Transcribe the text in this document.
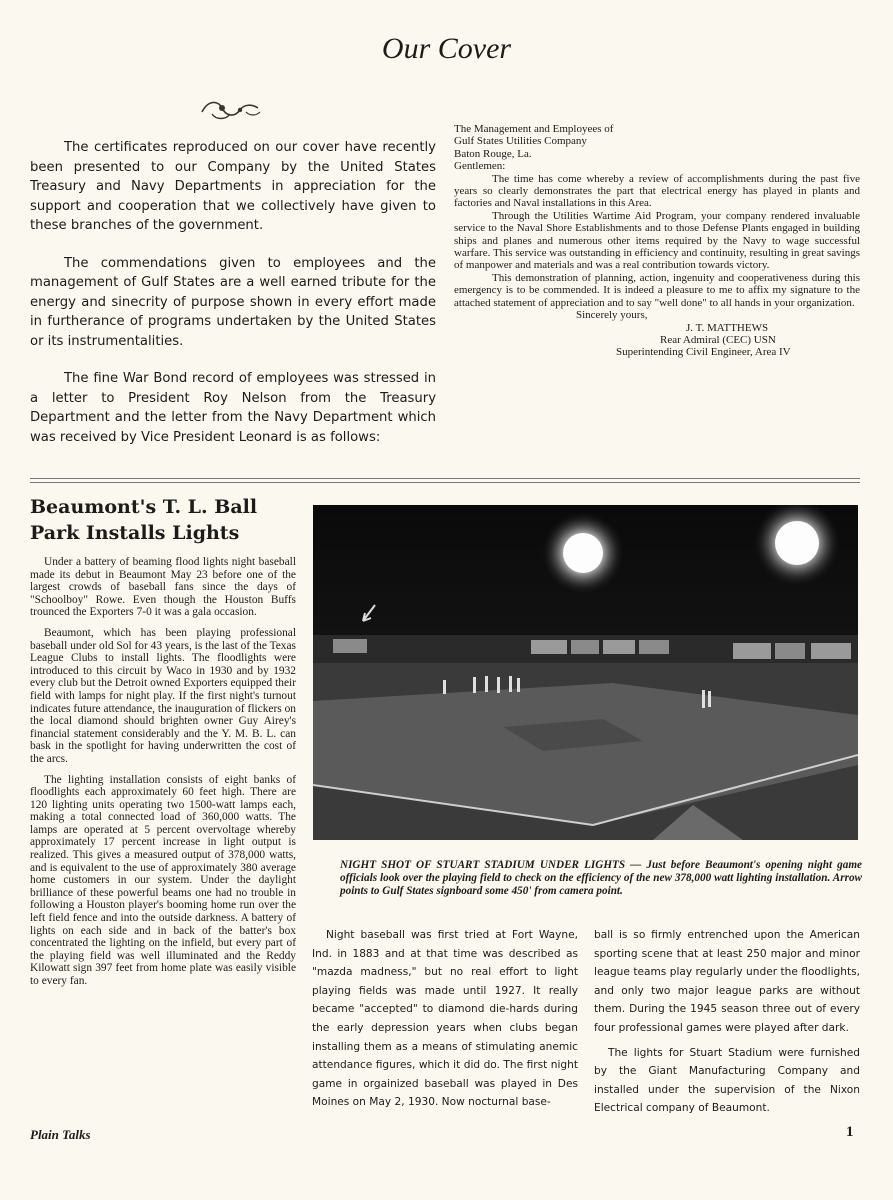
Our Cover

The certificates reproduced on our cover have recently been presented to our Company by the United States Treasury and Navy Departments in appreciation for the support and cooperation that we collectively have given to these branches of the government.

The commendations given to employees and the management of Gulf States are a well earned tribute for the energy and sinecrity of purpose shown in every effort made in furtherance of programs undertaken by the United States or its instrumentalities.

The fine War Bond record of employees was stressed in a letter to President Roy Nelson from the Treasury Department and the letter from the Navy Department which was received by Vice President Leonard is as follows:

The Management and Employees of

Gulf States Utilities Company

Baton Rouge, La.

Gentlemen:

The time has come whereby a review of accomplishments during the past five years so clearly demonstrates the part that electrical energy has played in plants and factories and Naval installations in this Area.

Through the Utilities Wartime Aid Program, your company rendered invaluable service to the Naval Shore Establishments and to those Defense Plants engaged in building ships and planes and numerous other items required by the Navy to wage successful warfare. This service was outstanding in efficiency and continuity, resulting in great savings of manpower and materials and was a real contribution towards victory.

This demonstration of planning, action, ingenuity and cooperativeness during this emergency is to be commended. It is indeed a pleasure to me to affix my signature to the attached statement of appreciation and to say "well done" to all hands in your organization.

Sincerely yours,

J. T. MATTHEWS

Rear Admiral (CEC) USN

Superintending Civil Engineer, Area IV

Beaumont's T. L. Ball
Park Installs Lights

Under a battery of beaming flood lights night baseball made its debut in Beaumont May 23 before one of the largest crowds of baseball fans since the days of "Schoolboy" Rowe. Even though the Houston Buffs trounced the Exporters 7-0 it was a gala occasion.

Beaumont, which has been playing professional baseball under old Sol for 43 years, is the last of the Texas League Clubs to install lights. The floodlights were introduced to this circuit by Waco in 1930 and by 1932 every club but the Detroit owned Exporters equipped their field with lamps for night play. If the first night's turnout indicates future attendance, the inauguration of flickers on the local diamond should brighten owner Guy Airey's financial statement considerably and the Y. M. B. L. can bask in the spotlight for having underwritten the cost of the arcs.

The lighting installation consists of eight banks of floodlights each approximately 60 feet high. There are 120 lighting units operating two 1500-watt lamps each, making a total connected load of 360,000 watts. The lamps are operated at 5 percent overvoltage whereby approximately 17 percent increase in light output is realized. This gives a measured output of 378,000 watts, and is equivalent to the use of approximately 380 average home customers in our system. Under the daylight brilliance of these powerful beams one had no trouble in following a Houston player's booming home run over the left field fence and into the outside darkness. A battery of lights on each side and in back of the batter's box concentrated the lighting on the infield, but every part of the playing field was well illuminated and the Reddy Kilowatt sign 397 feet from home plate was easily visible to every fan.

NIGHT SHOT OF STUART STADIUM UNDER LIGHTS — Just before Beaumont's opening night game officials look over the playing field to check on the efficiency of the new 378,000 watt lighting installation. Arrow points to Gulf States signboard some 450' from camera point.

Night baseball was first tried at Fort Wayne, Ind. in 1883 and at that time was described as "mazda madness," but no real effort to light playing fields was made until 1927. It really became "accepted" to diamond die-hards during the early depression years when clubs began installing them as a means of stimulating anemic attendance figures, which it did do. The first night game in orgainized baseball was played in Des Moines on May 2, 1930. Now nocturnal base-

ball is so firmly entrenched upon the American sporting scene that at least 250 major and minor league teams play regularly under the floodlights, and only two major league parks are without them. During the 1945 season three out of every four professional games were played after dark.

The lights for Stuart Stadium were furnished by the Giant Manufacturing Company and installed under the supervision of the Nixon Electrical company of Beaumont.

Plain Talks	1
